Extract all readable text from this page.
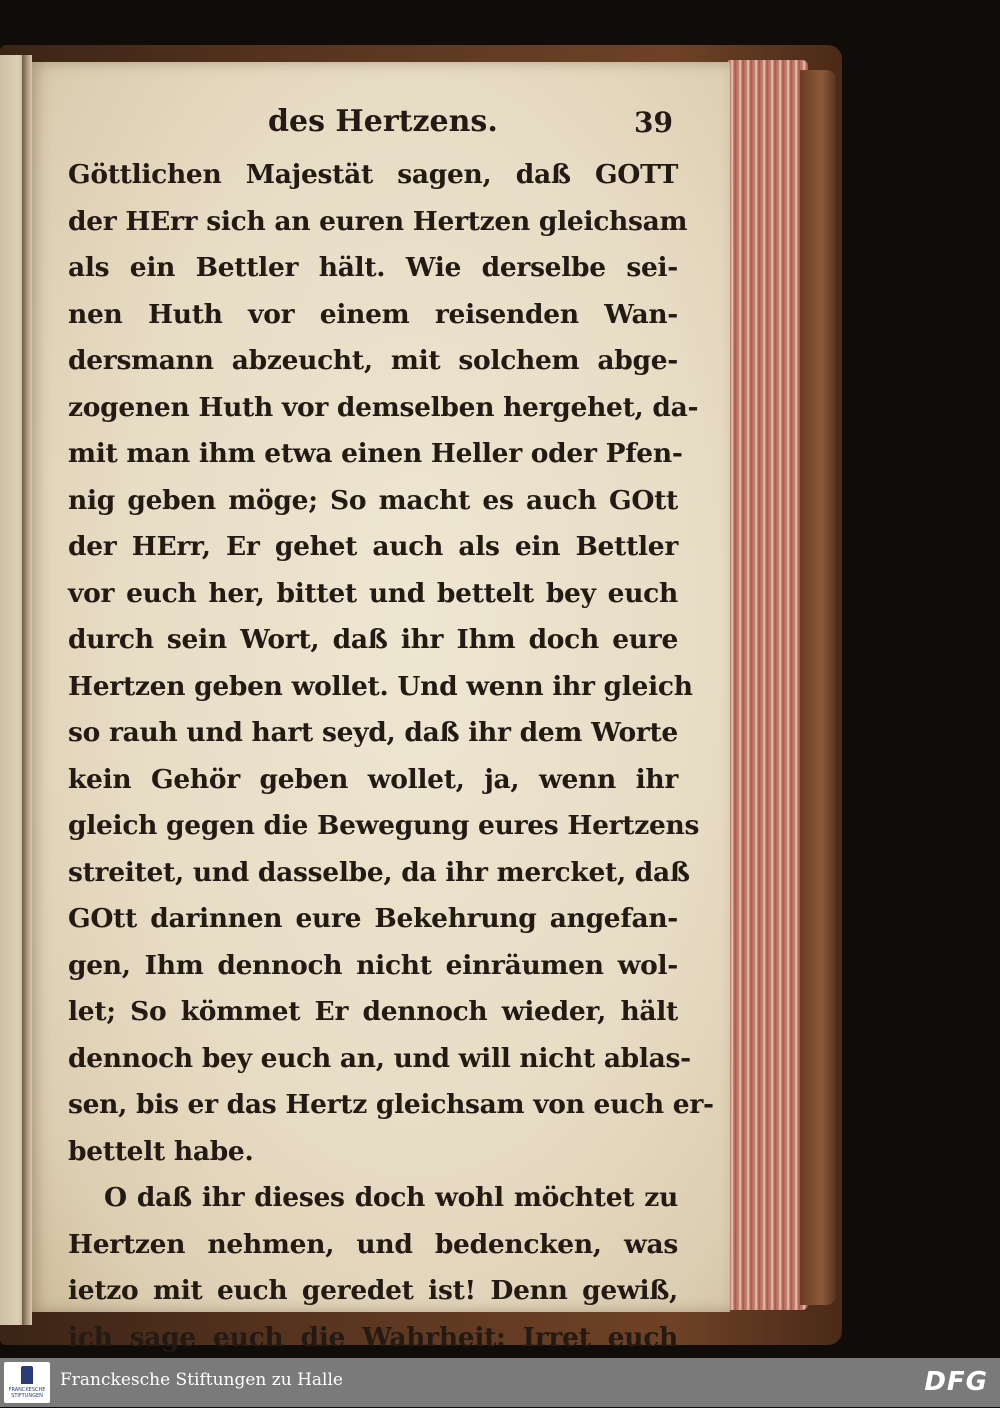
des Hertzens.	39
Göttlichen Majestät sagen, daß GOTT
der HErr sich an euren Hertzen gleichsam
als ein Bettler hält. Wie derselbe sei-
nen Huth vor einem reisenden Wan-
dersmann abzeucht, mit solchem abge-
zogenen Huth vor demselben hergehet, da-
mit man ihm etwa einen Heller oder Pfen-
nig geben möge; So macht es auch GOtt
der HErr, Er gehet auch als ein Bettler
vor euch her, bittet und bettelt bey euch
durch sein Wort, daß ihr Ihm doch eure
Hertzen geben wollet. Und wenn ihr gleich
so rauh und hart seyd, daß ihr dem Worte
kein Gehör geben wollet, ja, wenn ihr
gleich gegen die Bewegung eures Hertzens
streitet, und dasselbe, da ihr mercket, daß
GOtt darinnen eure Bekehrung angefan-
gen, Ihm dennoch nicht einräumen wol-
let; So kömmet Er dennoch wieder, hält
dennoch bey euch an, und will nicht ablas-
sen, bis er das Hertz gleichsam von euch er-
bettelt habe.
O daß ihr dieses doch wohl möchtet zu
Hertzen nehmen, und bedencken, was
ietzo mit euch geredet ist! Denn gewiß,
ich sage euch die Wahrheit: Irret euch
FRANCKESCHE STIFTUNGEN
Franckesche Stiftungen zu Halle	DFG
